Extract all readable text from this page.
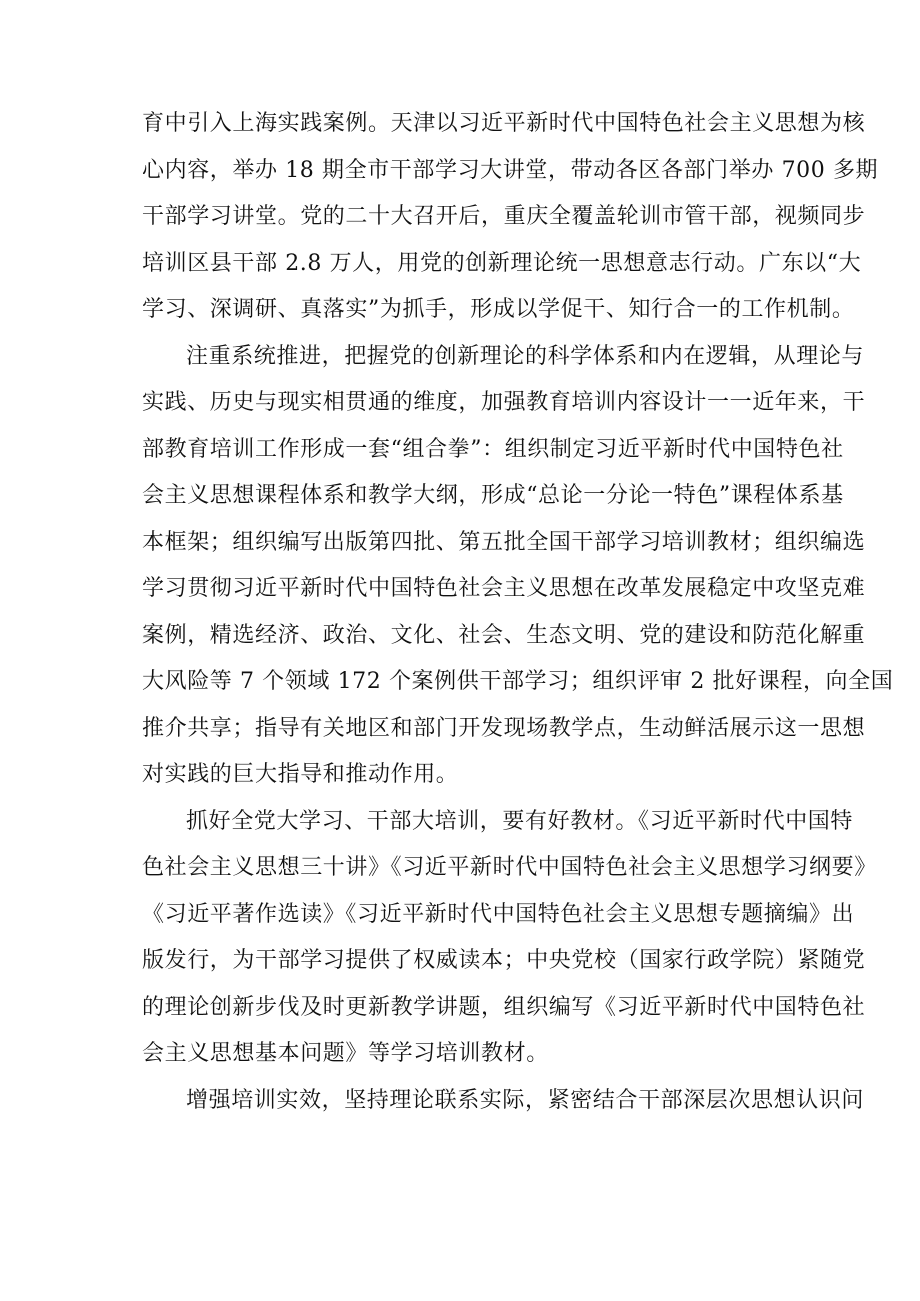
育中引入上海实践案例。天津以习近平新时代中国特色社会主义思想为核
心内容，举办 18 期全市干部学习大讲堂，带动各区各部门举办 700 多期
干部学习讲堂。党的二十大召开后，重庆全覆盖轮训市管干部，视频同步
培训区县干部 2.8 万人，用党的创新理论统一思想意志行动。广东以“大
学习、深调研、真落实”为抓手，形成以学促干、知行合一的工作机制。
注重系统推进，把握党的创新理论的科学体系和内在逻辑，从理论与
实践、历史与现实相贯通的维度，加强教育培训内容设计一一近年来，干
部教育培训工作形成一套“组合拳”：组织制定习近平新时代中国特色社
会主义思想课程体系和教学大纲，形成“总论一分论一特色”课程体系基
本框架；组织编写出版第四批、第五批全国干部学习培训教材；组织编选
学习贯彻习近平新时代中国特色社会主义思想在改革发展稳定中攻坚克难
案例，精选经济、政治、文化、社会、生态文明、党的建设和防范化解重
大风险等 7 个领域 172 个案例供干部学习；组织评审 2 批好课程，向全国
推介共享；指导有关地区和部门开发现场教学点，生动鲜活展示这一思想
对实践的巨大指导和推动作用。
抓好全党大学习、干部大培训，要有好教材。《习近平新时代中国特
色社会主义思想三十讲》《习近平新时代中国特色社会主义思想学习纲要》
《习近平著作选读》《习近平新时代中国特色社会主义思想专题摘编》出
版发行，为干部学习提供了权威读本；中央党校（国家行政学院）紧随党
的理论创新步伐及时更新教学讲题，组织编写《习近平新时代中国特色社
会主义思想基本问题》等学习培训教材。
增强培训实效，坚持理论联系实际，紧密结合干部深层次思想认识问
